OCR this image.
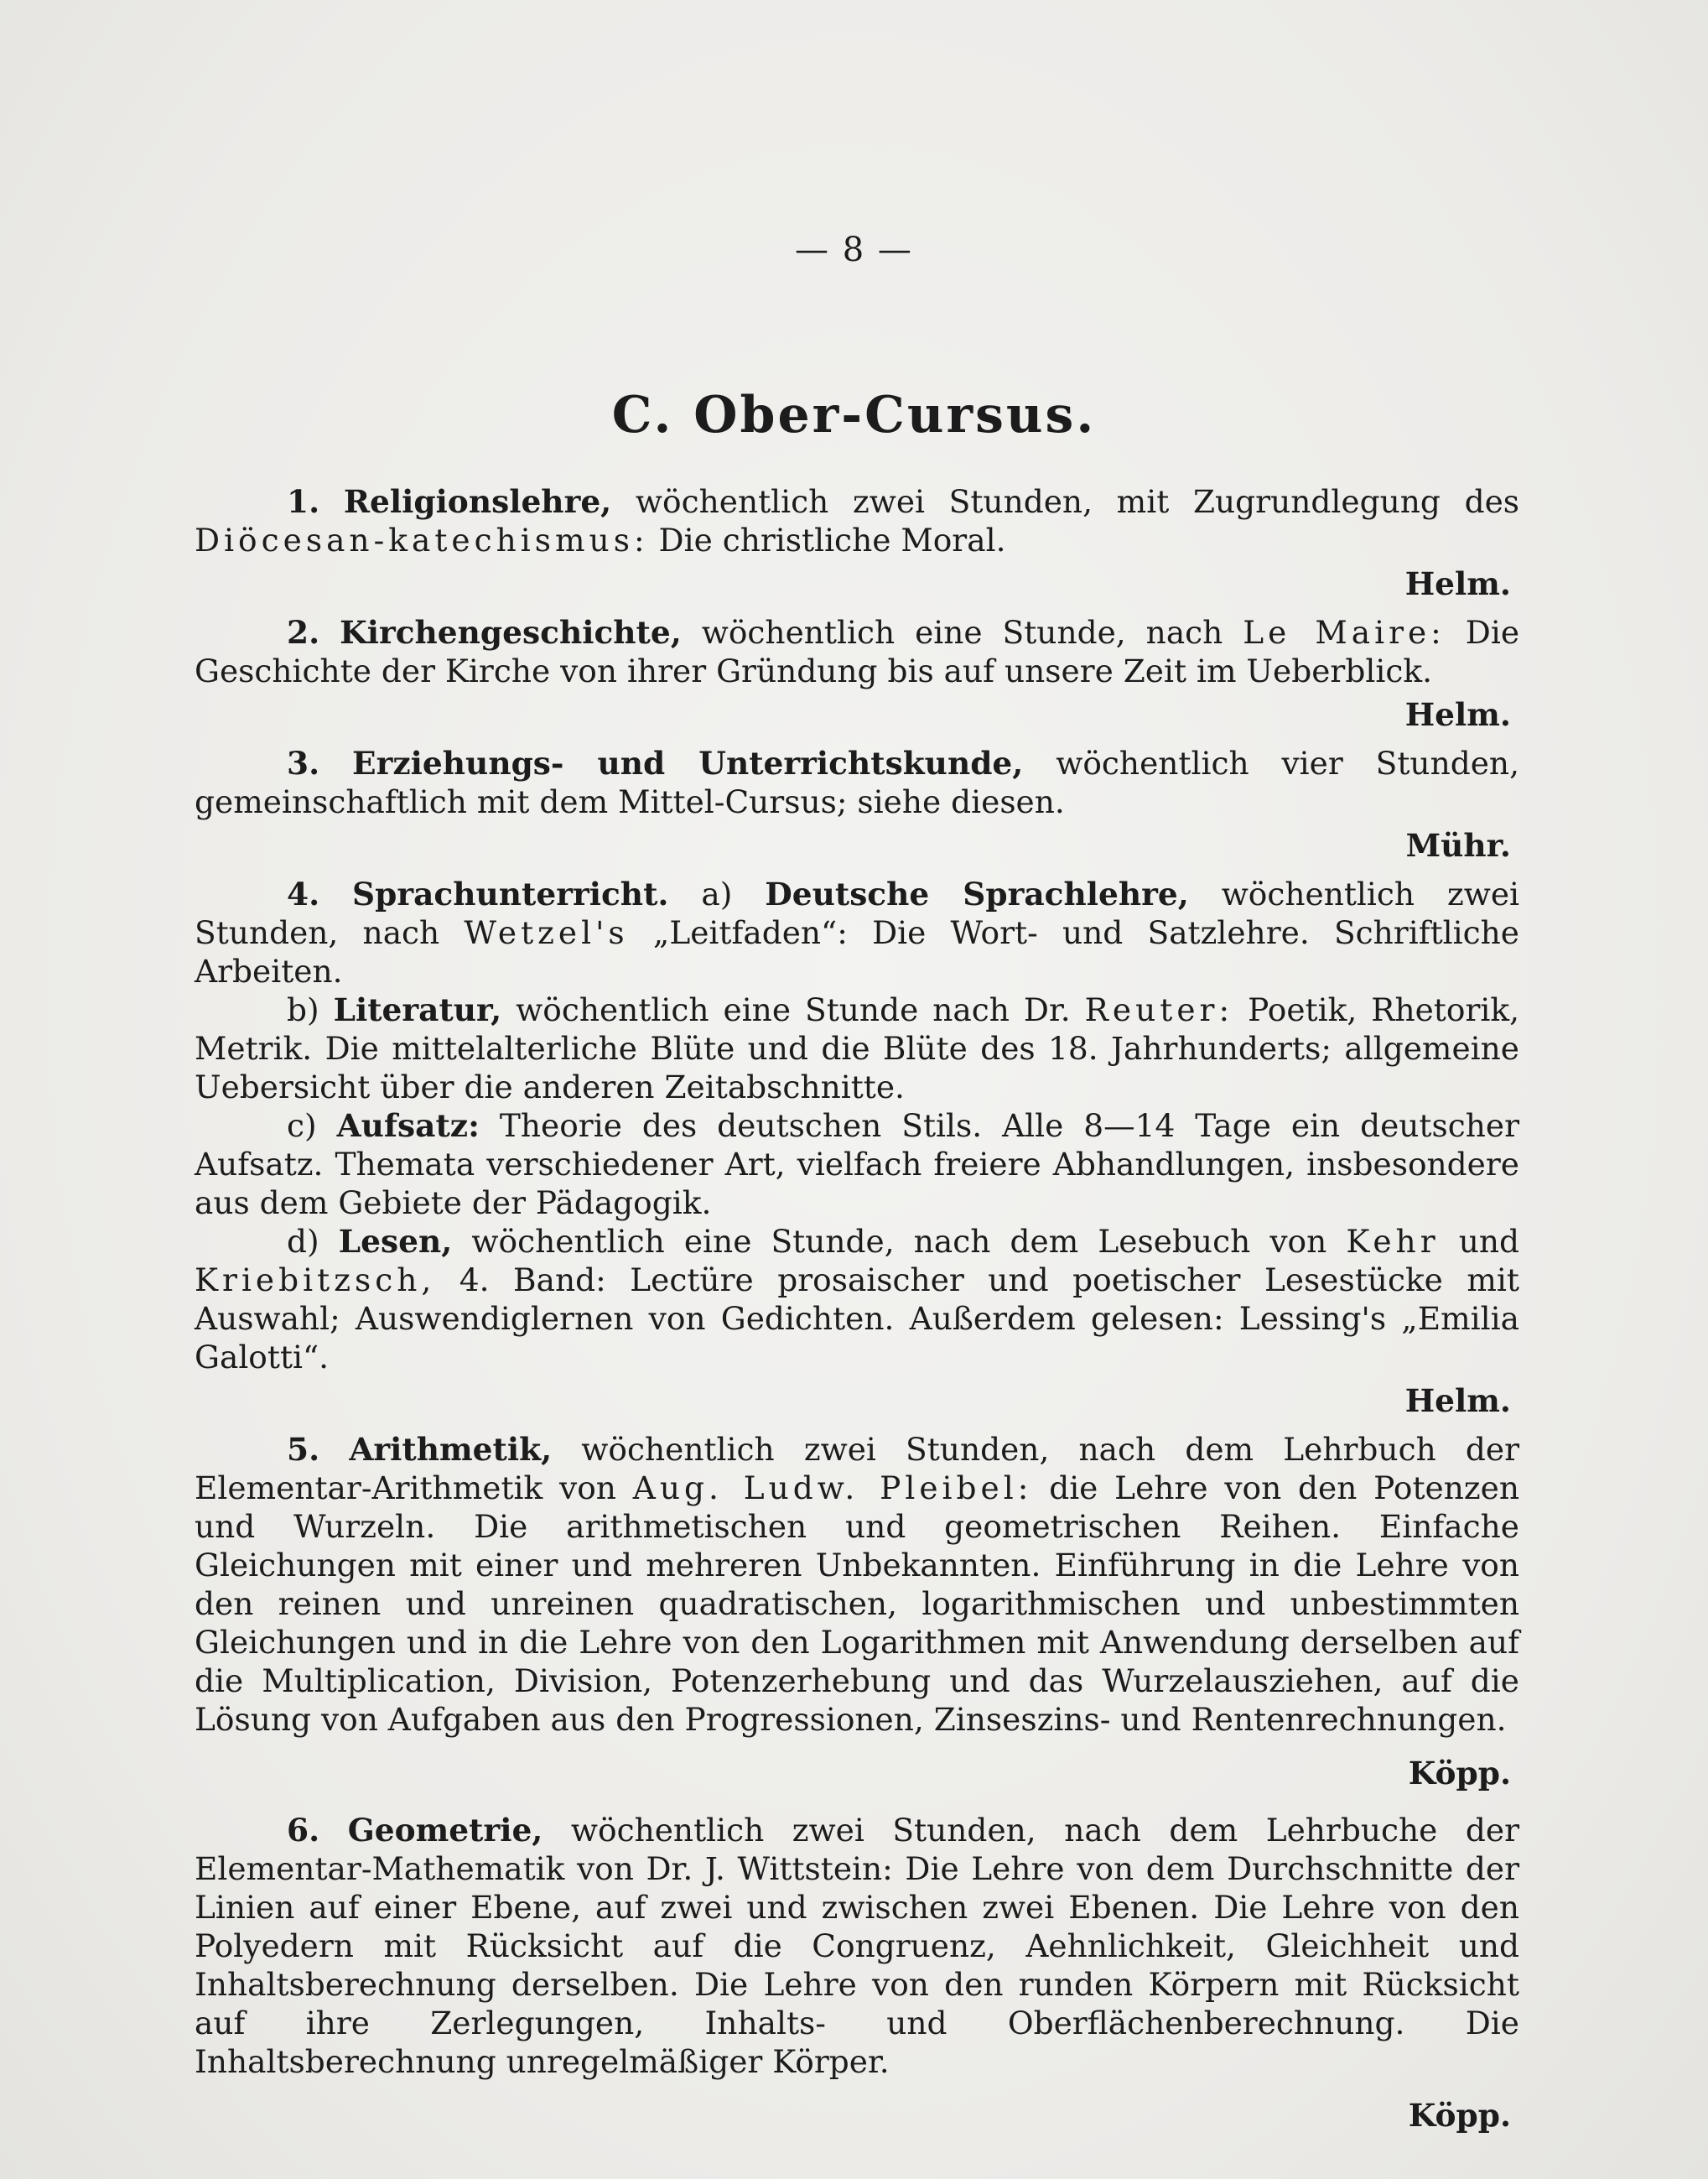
— 8 —
C. Ober-Cursus.

1. Religionslehre, wöchentlich zwei Stunden, mit Zugrundlegung des Diöcesan-katechismus: Die christliche Moral.

Helm.

2. Kirchengeschichte, wöchentlich eine Stunde, nach Le Maire: Die Geschichte der Kirche von ihrer Gründung bis auf unsere Zeit im Ueberblick.

Helm.

3. Erziehungs- und Unterrichtskunde, wöchentlich vier Stunden, gemeinschaftlich mit dem Mittel-Cursus; siehe diesen.

Mühr.

4. Sprachunterricht. a) Deutsche Sprachlehre, wöchentlich zwei Stunden, nach Wetzel's „Leitfaden“: Die Wort- und Satzlehre. Schriftliche Arbeiten.

b) Literatur, wöchentlich eine Stunde nach Dr. Reuter: Poetik, Rhetorik, Metrik. Die mittelalterliche Blüte und die Blüte des 18. Jahrhunderts; allgemeine Uebersicht über die anderen Zeitabschnitte.

c) Aufsatz: Theorie des deutschen Stils. Alle 8—14 Tage ein deutscher Aufsatz. Themata verschiedener Art, vielfach freiere Abhandlungen, insbesondere aus dem Gebiete der Pädagogik.

d) Lesen, wöchentlich eine Stunde, nach dem Lesebuch von Kehr und Kriebitzsch, 4. Band: Lectüre prosaischer und poetischer Lesestücke mit Auswahl; Auswendiglernen von Gedichten. Außerdem gelesen: Lessing's „Emilia Galotti“.

Helm.

5. Arithmetik, wöchentlich zwei Stunden, nach dem Lehrbuch der Elementar-Arithmetik von Aug. Ludw. Pleibel: die Lehre von den Potenzen und Wurzeln. Die arithmetischen und geometrischen Reihen. Einfache Gleichungen mit einer und mehreren Unbekannten. Einführung in die Lehre von den reinen und unreinen quadratischen, logarithmischen und unbestimmten Gleichungen und in die Lehre von den Logarithmen mit Anwendung derselben auf die Multiplication, Division, Potenzerhebung und das Wurzelausziehen, auf die Lösung von Aufgaben aus den Progressionen, Zinseszins- und Rentenrechnungen.

Köpp.

6. Geometrie, wöchentlich zwei Stunden, nach dem Lehrbuche der Elementar-Mathematik von Dr. J. Wittstein: Die Lehre von dem Durchschnitte der Linien auf einer Ebene, auf zwei und zwischen zwei Ebenen. Die Lehre von den Polyedern mit Rücksicht auf die Congruenz, Aehnlichkeit, Gleichheit und Inhaltsberechnung derselben. Die Lehre von den runden Körpern mit Rücksicht auf ihre Zerlegungen, Inhalts- und Oberflächenberechnung. Die Inhaltsberechnung unregelmäßiger Körper.

Köpp.
